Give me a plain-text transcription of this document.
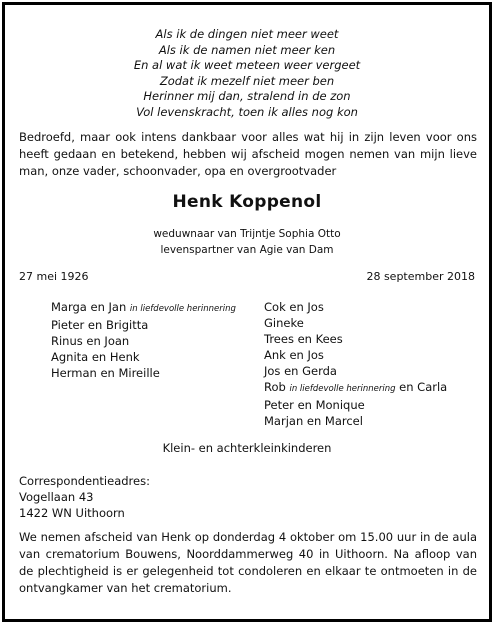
Als ik de dingen niet meer weet
Als ik de namen niet meer ken
En al wat ik weet meteen weer vergeet
Zodat ik mezelf niet meer ben
Herinner mij dan, stralend in de zon
Vol levenskracht, toen ik alles nog kon
Bedroefd, maar ook intens dankbaar voor alles wat hij in zijn leven voor ons heeft gedaan en betekend, hebben wij afscheid mogen nemen van mijn lieve man, onze vader, schoonvader, opa en overgrootvader
Henk Koppenol
weduwnaar van Trijntje Sophia Otto
levenspartner van Agie van Dam
27 mei 1926	28 september 2018
Marga en Jan in liefdevolle herinnering
Pieter en Brigitta
Rinus en Joan
Agnita en Henk
Herman en Mireille
Cok en Jos
Gineke
Trees en Kees
Ank en Jos
Jos en Gerda
Rob in liefdevolle herinnering en Carla
Peter en Monique
Marjan en Marcel
Klein- en achterkleinkinderen
Correspondentieadres:
Vogellaan 43
1422 WN Uithoorn
We nemen afscheid van Henk op donderdag 4 oktober om 15.00 uur in de aula van crematorium Bouwens, Noorddammerweg 40 in Uithoorn. Na afloop van de plechtigheid is er gelegenheid tot condoleren en elkaar te ontmoeten in de ontvangkamer van het crematorium.
